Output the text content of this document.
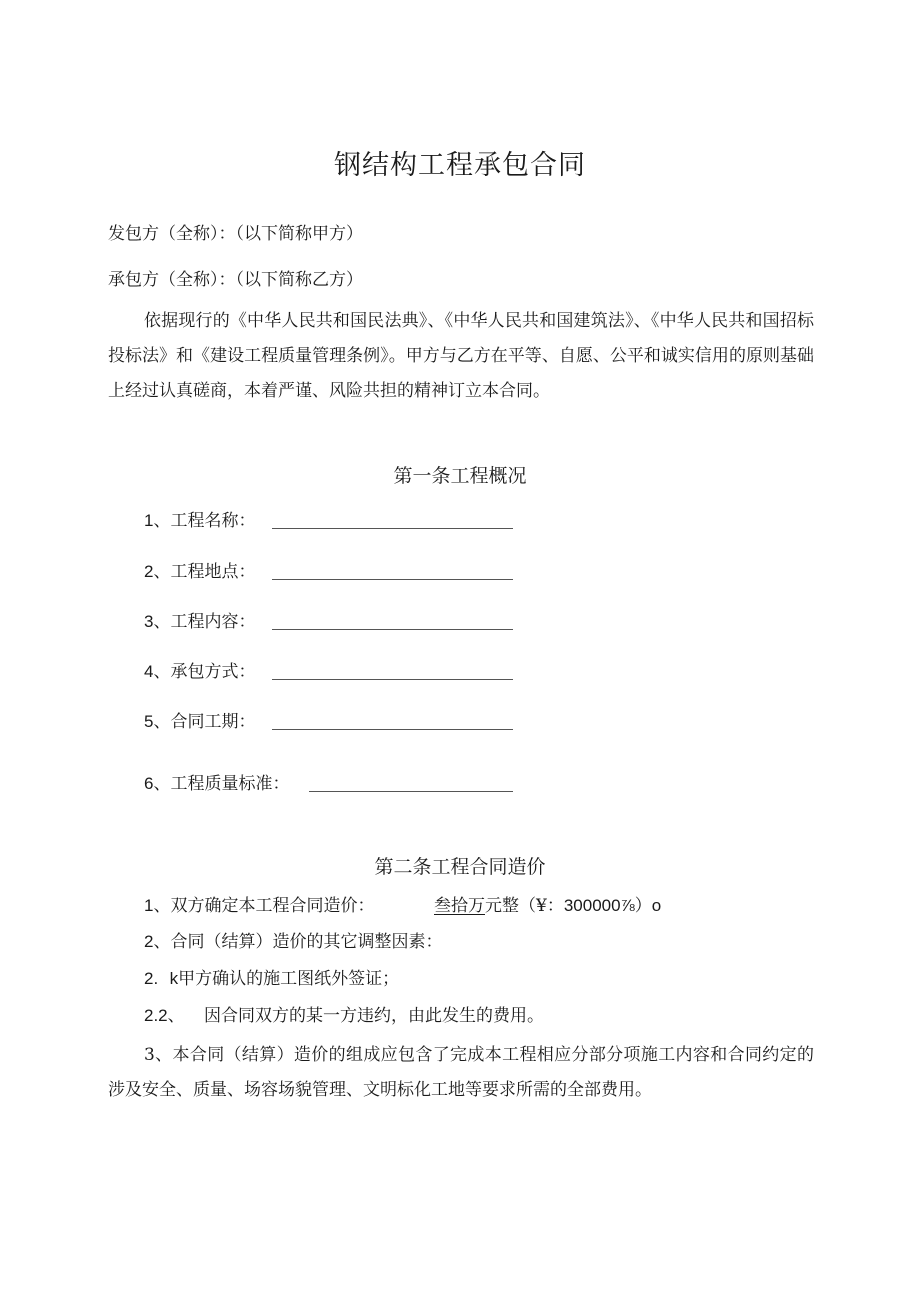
钢结构工程承包合同
发包方（全称）：（以下简称甲方）
承包方（全称）：（以下简称乙方）
依据现行的《中华人民共和国民法典》、《中华人民共和国建筑法》、《中华人民共和国招标投标法》和《建设工程质量管理条例》。甲方与乙方在平等、自愿、公平和诚实信用的原则基础上经过认真磋商，本着严谨、风险共担的精神订立本合同。
第一条工程概况
1、工程名称：
2、工程地点：
3、工程内容：
4、承包方式：
5、合同工期：
6、工程质量标准：
第二条工程合同造价
1、双方确定本工程合同造价：	叁拾万元整（¥：300000⅞）o
2、合同（结算）造价的其它调整因素：
2. k甲方确认的施工图纸外签证；
2.2、 因合同双方的某一方违约，由此发生的费用。
3、本合同（结算）造价的组成应包含了完成本工程相应分部分项施工内容和合同约定的涉及安全、质量、场容场貌管理、文明标化工地等要求所需的全部费用。
